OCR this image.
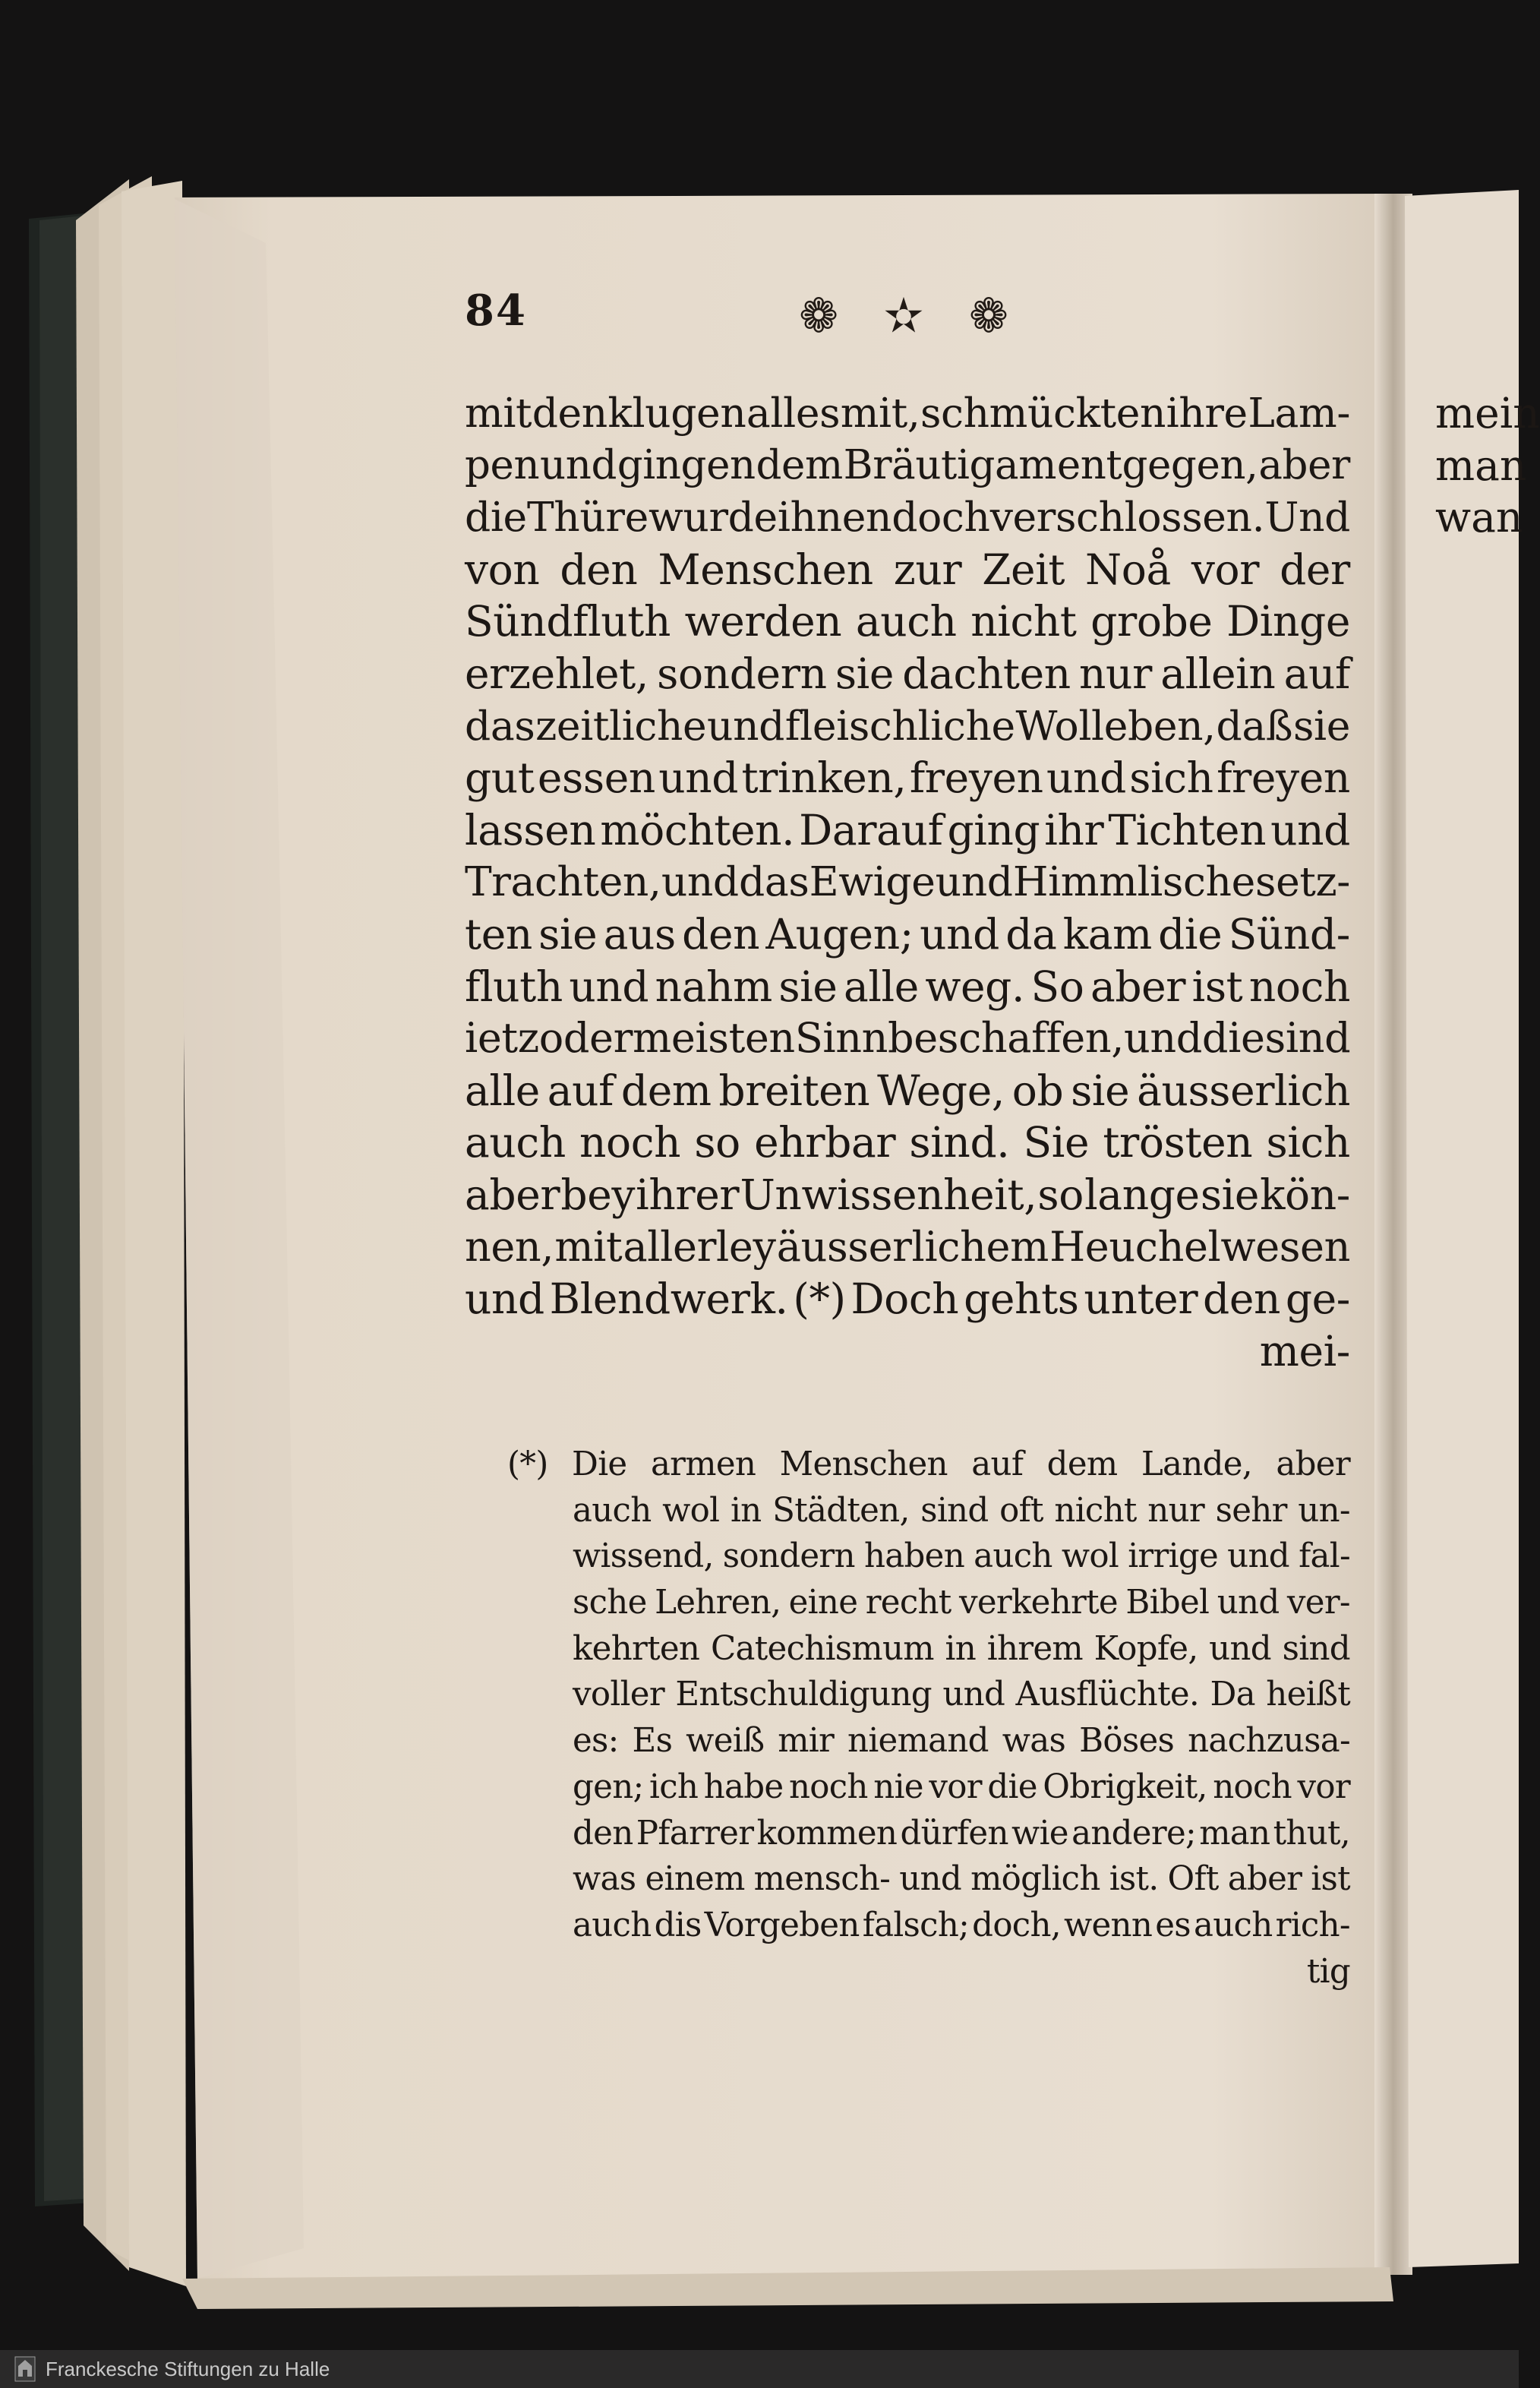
84	❁ ✫ ❁
mit den klugen alles mit, schmückten ihre Lam-
pen und gingen dem Bräutigam entgegen, aber
die Thüre wurde ihnen doch verschlossen. Und
von den Menschen zur Zeit Noå vor der
Sündfluth werden auch nicht grobe Dinge
erzehlet, sondern sie dachten nur allein auf
das zeitliche und fleischliche Wolleben, daß sie
gut essen und trinken, freyen und sich freyen
lassen möchten. Darauf ging ihr Tichten und
Trachten, und das Ewige und Himmlische setz-
ten sie aus den Augen; und da kam die Sünd-
fluth und nahm sie alle weg. So aber ist noch
ietzo der meisten Sinn beschaffen, und die sind
alle auf dem breiten Wege, ob sie äusserlich
auch noch so ehrbar sind. Sie trösten sich
aber bey ihrer Unwissenheit, so lange sie kön-
nen, mit allerley äusserlichem Heuchelwesen
und Blendwerk. (*) Doch gehts unter den ge-
mei-
(*) Die armen Menschen auf dem Lande, aber
auch wol in Städten, sind oft nicht nur sehr un-
wissend, sondern haben auch wol irrige und fal-
sche Lehren, eine recht verkehrte Bibel und ver-
kehrten Catechismum in ihrem Kopfe, und sind
voller Entschuldigung und Ausflüchte. Da heißt
es: Es weiß mir niemand was Böses nachzusa-
gen; ich habe noch nie vor die Obrigkeit, noch vor
den Pfarrer kommen dürfen wie andere; man thut,
was einem mensch- und möglich ist. Oft aber ist
auch dis Vorgeben falsch; doch, wenn es auch rich-
tig
mein
man
wan
Franckesche Stiftungen zu Halle
